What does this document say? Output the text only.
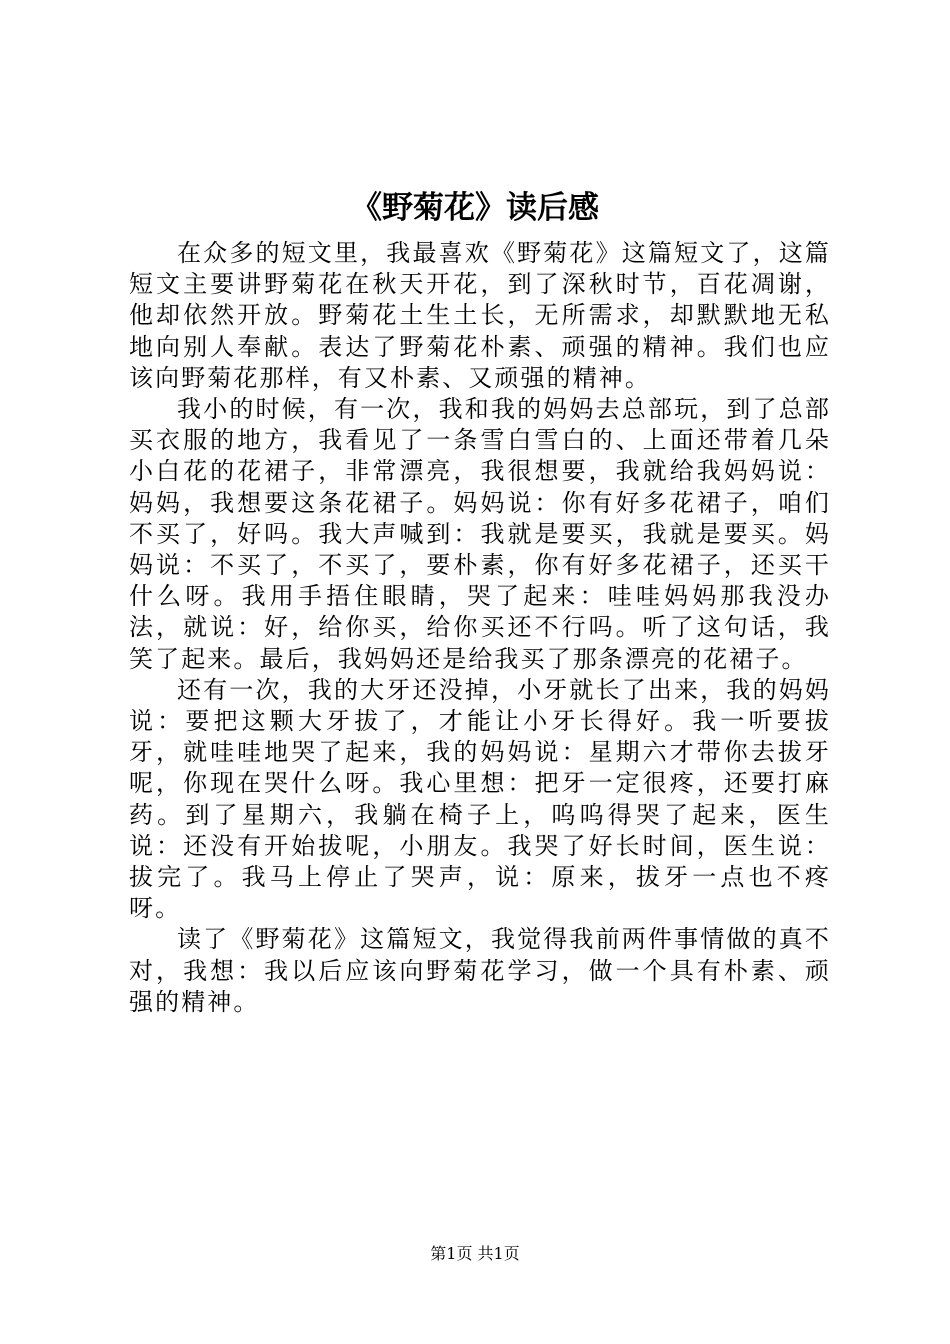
《野菊花》读后感

在众多的短文里，我最喜欢《野菊花》这篇短文了，这篇短文主要讲野菊花在秋天开花，到了深秋时节，百花凋谢，他却依然开放。野菊花土生土长，无所需求，却默默地无私地向别人奉献。表达了野菊花朴素、顽强的精神。我们也应该向野菊花那样，有又朴素、又顽强的精神。

我小的时候，有一次，我和我的妈妈去总部玩，到了总部买衣服的地方，我看见了一条雪白雪白的、上面还带着几朵小白花的花裙子，非常漂亮，我很想要，我就给我妈妈说：妈妈，我想要这条花裙子。妈妈说：你有好多花裙子，咱们不买了，好吗。我大声喊到：我就是要买，我就是要买。妈妈说：不买了，不买了，要朴素，你有好多花裙子，还买干什么呀。我用手捂住眼睛，哭了起来：哇哇妈妈那我没办法，就说：好，给你买，给你买还不行吗。听了这句话，我笑了起来。最后，我妈妈还是给我买了那条漂亮的花裙子。

还有一次，我的大牙还没掉，小牙就长了出来，我的妈妈说：要把这颗大牙拔了，才能让小牙长得好。我一听要拔牙，就哇哇地哭了起来，我的妈妈说：星期六才带你去拔牙呢，你现在哭什么呀。我心里想：把牙一定很疼，还要打麻药。到了星期六，我躺在椅子上，呜呜得哭了起来，医生说：还没有开始拔呢，小朋友。我哭了好长时间，医生说：拔完了。我马上停止了哭声，说：原来，拔牙一点也不疼呀。

读了《野菊花》这篇短文，我觉得我前两件事情做的真不对，我想：我以后应该向野菊花学习，做一个具有朴素、顽强的精神。

第1页 共1页
